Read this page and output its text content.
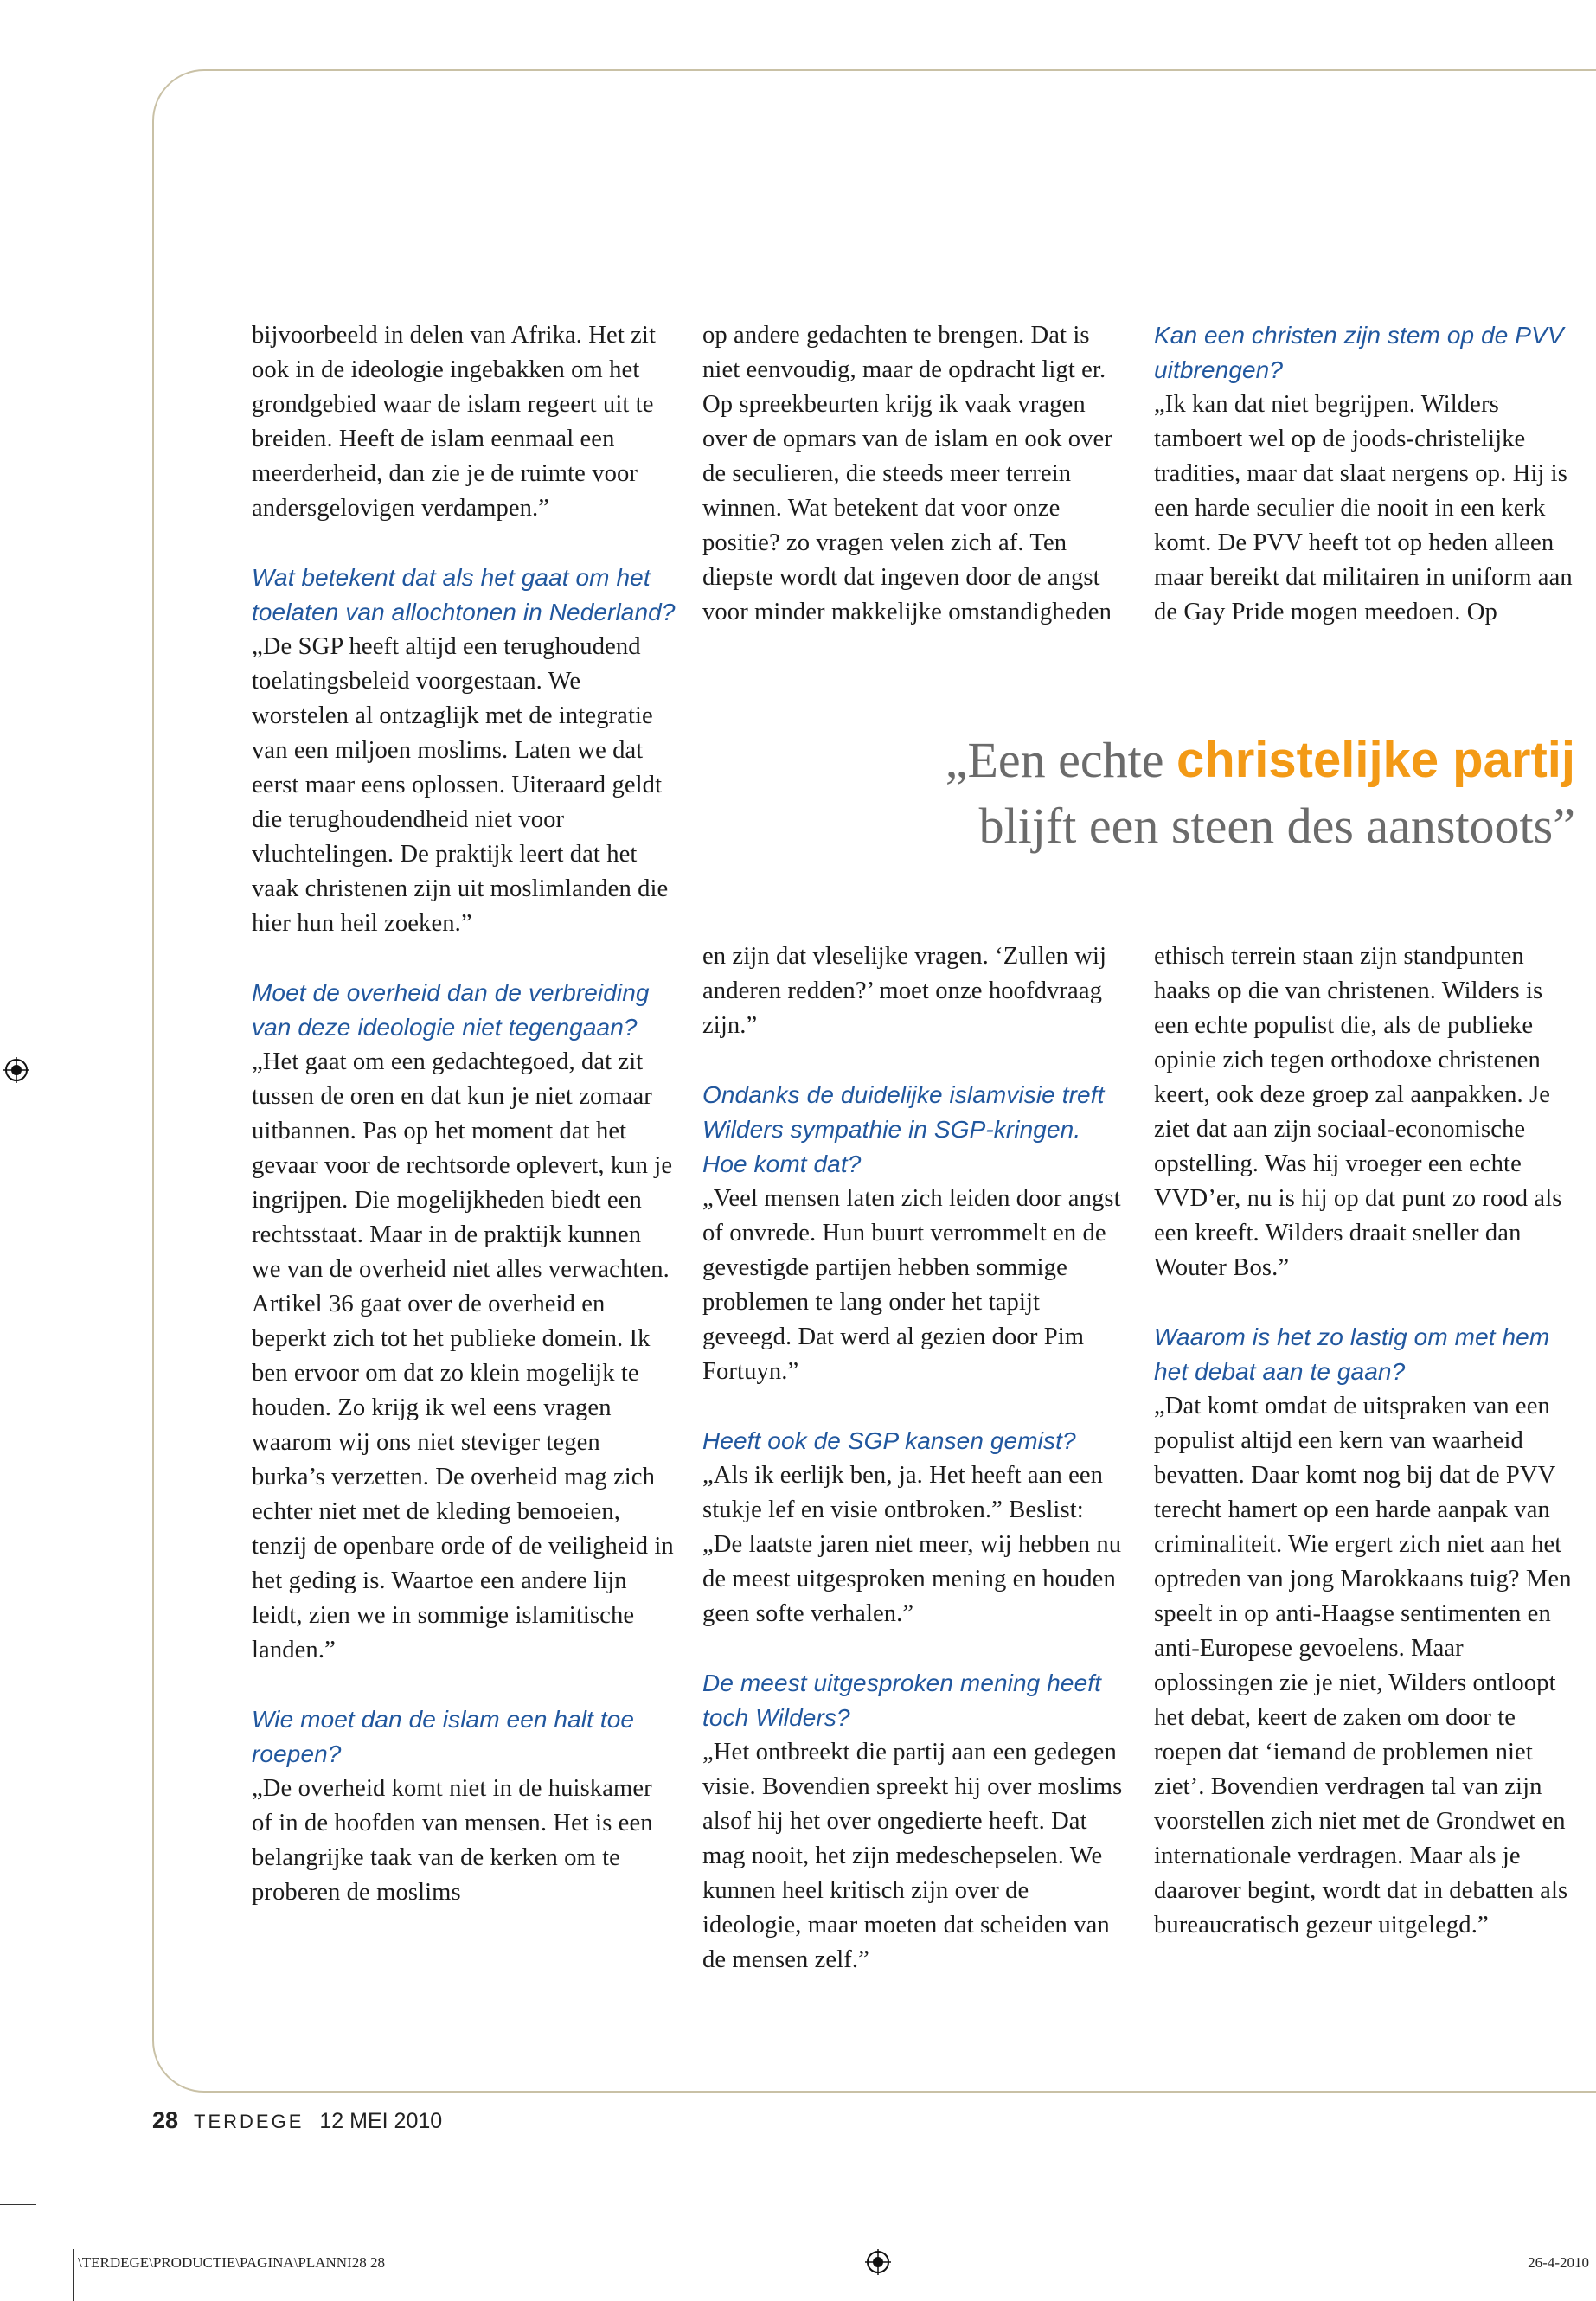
bijvoorbeeld in delen van Afrika. Het zit ook in de ideologie ingebakken om het grondgebied waar de islam regeert uit te breiden. Heeft de islam eenmaal een meerderheid, dan zie je de ruimte voor andersgelovigen verdampen.”

Wat betekent dat als het gaat om het toelaten van allochtonen in Nederland?

„De SGP heeft altijd een terughoudend toelatingsbeleid voorgestaan. We worstelen al ontzaglijk met de integratie van een miljoen moslims. Laten we dat eerst maar eens oplossen. Uiteraard geldt die terughoudendheid niet voor vluchtelingen. De praktijk leert dat het vaak christenen zijn uit moslimlanden die hier hun heil zoeken.”

Moet de overheid dan de verbreiding van deze ideologie niet tegengaan?

„Het gaat om een gedachtegoed, dat zit tussen de oren en dat kun je niet zomaar uitbannen. Pas op het moment dat het gevaar voor de rechtsorde oplevert, kun je ingrijpen. Die mogelijkheden biedt een rechtsstaat. Maar in de praktijk kunnen we van de overheid niet alles verwachten. Artikel 36 gaat over de overheid en beperkt zich tot het publieke domein. Ik ben ervoor om dat zo klein mogelijk te houden. Zo krijg ik wel eens vragen waarom wij ons niet steviger tegen burka’s verzetten. De overheid mag zich echter niet met de kleding bemoeien, tenzij de openbare orde of de veiligheid in het geding is. Waartoe een andere lijn leidt, zien we in sommige islamitische landen.”

Wie moet dan de islam een halt toe roepen?

„De overheid komt niet in de huiskamer of in de hoofden van mensen. Het is een belangrijke taak van de kerken om te proberen de moslims

op andere gedachten te brengen. Dat is niet eenvoudig, maar de opdracht ligt er. Op spreekbeurten krijg ik vaak vragen over de opmars van de islam en ook over de seculieren, die steeds meer terrein winnen. Wat betekent dat voor onze positie? zo vragen velen zich af. Ten diepste wordt dat ingeven door de angst voor minder makkelijke omstandigheden

Kan een christen zijn stem op de PVV uitbrengen?

„Ik kan dat niet begrijpen. Wilders tamboert wel op de joods-christelijke tradities, maar dat slaat nergens op. Hij is een harde seculier die nooit in een kerk komt. De PVV heeft tot op heden alleen maar bereikt dat militairen in uniform aan de Gay Pride mogen meedoen. Op

„Een echte christelijke partij
blijft een steen des aanstoots”

en zijn dat vleselijke vragen. ‘Zullen wij anderen redden?’ moet onze hoofdvraag zijn.”

Ondanks de duidelijke islamvisie treft Wilders sympathie in SGP-kringen. Hoe komt dat?

„Veel mensen laten zich leiden door angst of onvrede. Hun buurt verrommelt en de gevestigde partijen hebben sommige problemen te lang onder het tapijt geveegd. Dat werd al gezien door Pim Fortuyn.”

Heeft ook de SGP kansen gemist?

„Als ik eerlijk ben, ja. Het heeft aan een stukje lef en visie ontbroken.” Beslist: „De laatste jaren niet meer, wij hebben nu de meest uitgesproken mening en houden geen softe verhalen.”

De meest uitgesproken mening heeft toch Wilders?

„Het ontbreekt die partij aan een gedegen visie. Bovendien spreekt hij over moslims alsof hij het over ongedierte heeft. Dat mag nooit, het zijn medeschepselen. We kunnen heel kritisch zijn over de ideologie, maar moeten dat scheiden van de mensen zelf.”

ethisch terrein staan zijn standpunten haaks op die van christenen. Wilders is een echte populist die, als de publieke opinie zich tegen orthodoxe christenen keert, ook deze groep zal aanpakken. Je ziet dat aan zijn sociaal-economische opstelling. Was hij vroeger een echte VVD’er, nu is hij op dat punt zo rood als een kreeft. Wilders draait sneller dan Wouter Bos.”

Waarom is het zo lastig om met hem het debat aan te gaan?

„Dat komt omdat de uitspraken van een populist altijd een kern van waarheid bevatten. Daar komt nog bij dat de PVV terecht hamert op een harde aanpak van criminaliteit. Wie ergert zich niet aan het optreden van jong Marokkaans tuig? Men speelt in op anti-Haagse sentimenten en anti-Europese gevoelens. Maar oplossingen zie je niet, Wilders ontloopt het debat, keert de zaken om door te roepen dat ‘iemand de problemen niet ziet’. Bovendien verdragen tal van zijn voorstellen zich niet met de Grondwet en internationale verdragen. Maar als je daarover begint, wordt dat in debatten als bureaucratisch gezeur uitgelegd.”

28 TERDEGE 12 MEI 2010
\TERDEGE\PRODUCTIE\PAGINA\PLANNI28 28	26-4-2010
